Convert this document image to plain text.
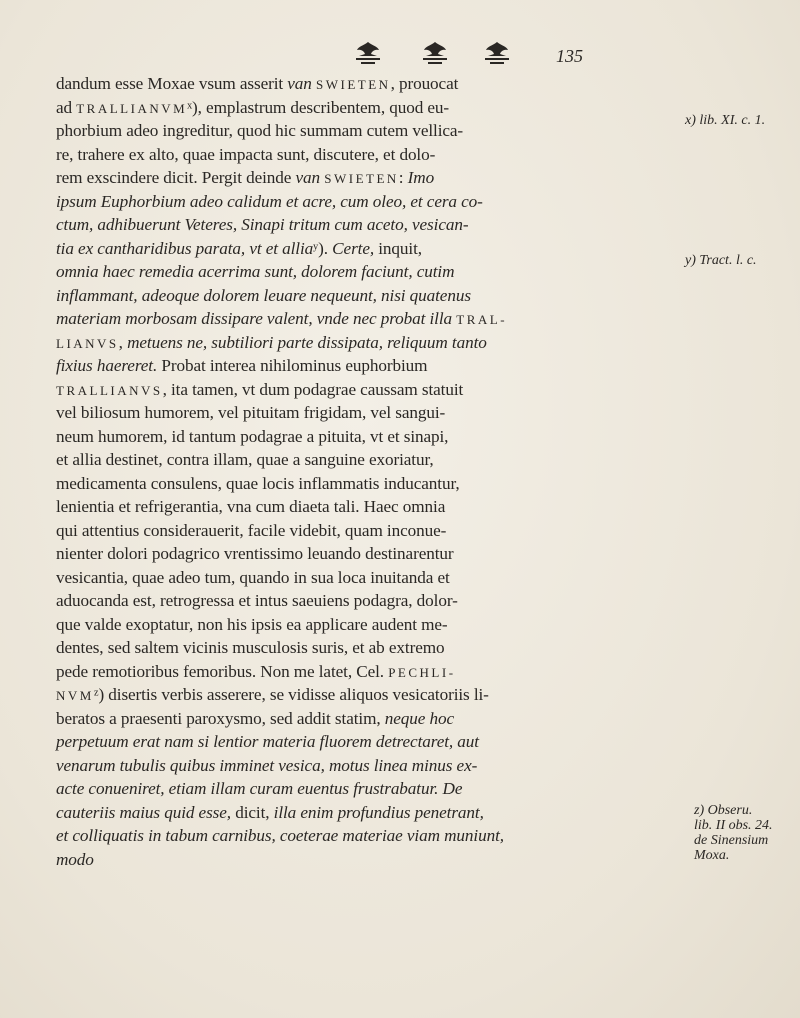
135
dandum esse Moxae vsum asserit van SWIETEN, prouocat
ad TRALLIANVMˣ), emplastrum describentem, quod eu-
phorbium adeo ingreditur, quod hic summam cutem vellica-
re, trahere ex alto, quae impacta sunt, discutere, et dolo-
rem exscindere dicit. Pergit deinde van SWIETEN: Imo
ipsum Euphorbium adeo calidum et acre, cum oleo, et cera co-
ctum, adhibuerunt Veteres, Sinapi tritum cum aceto, vesican-
tia ex cantharidibus parata, vt et alliaʸ). Certe, inquit,
omnia haec remedia acerrima sunt, dolorem faciunt, cutim
inflammant, adeoque dolorem leuare nequeunt, nisi quatenus
materiam morbosam dissipare valent, vnde nec probat illa TRAL-
LIANVS, metuens ne, subtiliori parte dissipata, reliquum tanto
fixius haereret. Probat interea nihilominus euphorbium
TRALLIANVS, ita tamen, vt dum podagrae caussam statuit
vel biliosum humorem, vel pituitam frigidam, vel sangui-
neum humorem, id tantum podagrae a pituita, vt et sinapi,
et allia destinet, contra illam, quae a sanguine exoriatur,
medicamenta consulens, quae locis inflammatis inducantur,
lenientia et refrigerantia, vna cum diaeta tali. Haec omnia
qui attentius considerauerit, facile videbit, quam inconue-
nienter dolori podagrico vrentissimo leuando destinarentur
vesicantia, quae adeo tum, quando in sua loca inuitanda et
aduocanda est, retrogressa et intus saeuiens podagra, dolor-
que valde exoptatur, non his ipsis ea applicare audent me-
dentes, sed saltem vicinis musculosis suris, et ab extremo
pede remotioribus femoribus. Non me latet, Cel. PECHLI-
NVMᶻ) disertis verbis asserere, se vidisse aliquos vesicatoriis li-
beratos a praesenti paroxysmo, sed addit statim, neque hoc
perpetuum erat nam si lentior materia fluorem detrectaret, aut
venarum tubulis quibus imminet vesica, motus linea minus ex-
acte conueniret, etiam illam curam euentus frustrabatur. De
cauteriis maius quid esse, dicit, illa enim profundius penetrant,
et colliquatis in tabum carnibus, coeterae materiae viam muniunt,
modo
x) lib. XI. c. 1.
y) Tract. l. c.
z) Obseru.
lib. II obs. 24.
de Sinensium
Moxa.
